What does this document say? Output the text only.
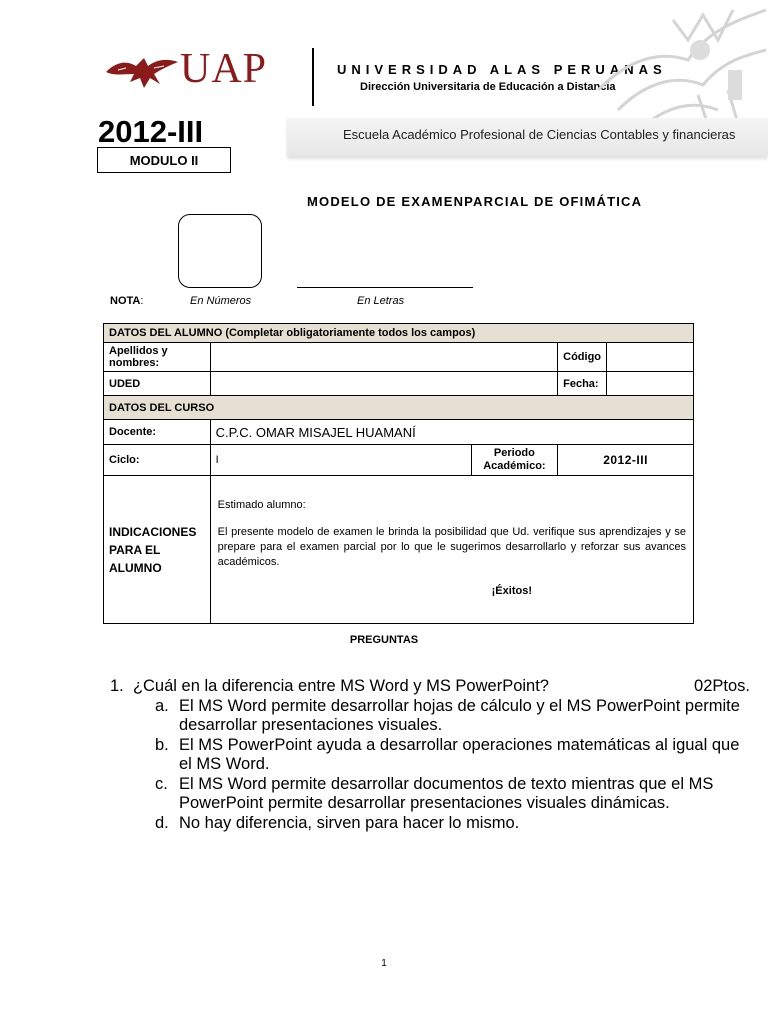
UAP	UNIVERSIDAD ALAS PERUANAS
Dirección Universitaria de Educación a Distancia
2012-III
MODULO II
Escuela Académico Profesional de Ciencias Contables y financieras
MODELO DE EXAMENPARCIAL DE OFIMÁTICA
NOTA:	En Números	En Letras
DATOS DEL ALUMNO (Completar obligatoriamente todos los campos)				
Apellidos y nombres:			Código	
UDED			Fecha:	
DATOS DEL CURSO				
Docente:	C.P.C. OMAR MISAJEL HUAMANÍ			
Ciclo:	I	Periodo Académico:	2012-III	
INDICACIONES PARA EL ALUMNO	Estimado alumno:
El presente modelo de examen le brinda la posibilidad que Ud. verifique sus aprendizajes y se prepare para el examen parcial por lo que le sugerimos desarrollarlo y reforzar sus avances académicos.
¡Éxitos!			
PREGUNTAS
1. ¿Cuál en la diferencia entre MS Word y MS PowerPoint?	02Ptos.
a. El MS Word permite desarrollar hojas de cálculo y el MS PowerPoint permite desarrollar presentaciones visuales.
b. El MS PowerPoint ayuda a desarrollar operaciones matemáticas al igual que el MS Word.
c. El MS Word permite desarrollar documentos de texto mientras que el MS PowerPoint permite desarrollar presentaciones visuales dinámicas.
d. No hay diferencia, sirven para hacer lo mismo.
1
